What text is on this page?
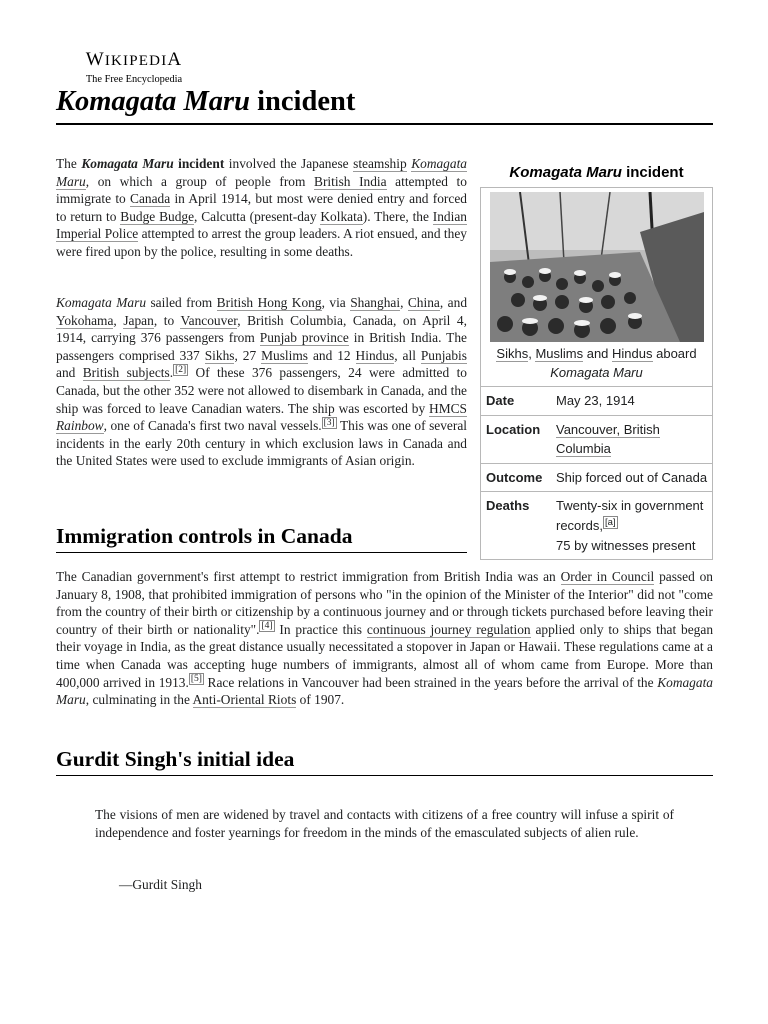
WIKIPEDIA
The Free Encyclopedia
Komagata Maru incident

The Komagata Maru incident involved the Japanese steamship Komagata Maru, on which a group of people from British India attempted to immigrate to Canada in April 1914, but most were denied entry and forced to return to Budge Budge, Calcutta (present-day Kolkata). There, the Indian Imperial Police attempted to arrest the group leaders. A riot ensued, and they were fired upon by the police, resulting in some deaths.

Komagata Maru sailed from British Hong Kong, via Shanghai, China, and Yokohama, Japan, to Vancouver, British Columbia, Canada, on April 4, 1914, carrying 376 passengers from Punjab province in British India. The passengers comprised 337 Sikhs, 27 Muslims and 12 Hindus, all Punjabis and British subjects. [2] Of these 376 passengers, 24 were admitted to Canada, but the other 352 were not allowed to disembark in Canada, and the ship was forced to leave Canadian waters. The ship was escorted by HMCS Rainbow, one of Canada's first two naval vessels. [3] This was one of several incidents in the early 20th century in which exclusion laws in Canada and the United States were used to exclude immigrants of Asian origin.

Komagata Maru incident
Sikhs, Muslims and Hindus aboard
Komagata Maru
Date	May 23, 1914
Location	Vancouver, British Columbia
Outcome	Ship forced out of Canada
Deaths	Twenty-six in government records, [a]
75 by witnesses present
Immigration controls in Canada

The Canadian government's first attempt to restrict immigration from British India was an Order in Council passed on January 8, 1908, that prohibited immigration of persons who "in the opinion of the Minister of the Interior" did not "come from the country of their birth or citizenship by a continuous journey and or through tickets purchased before leaving their country of their birth or nationality". [4] In practice this continuous journey regulation applied only to ships that began their voyage in India, as the great distance usually necessitated a stopover in Japan or Hawaii. These regulations came at a time when Canada was accepting huge numbers of immigrants, almost all of whom came from Europe. More than 400,000 arrived in 1913. [5] Race relations in Vancouver had been strained in the years before the arrival of the Komagata Maru, culminating in the Anti-Oriental Riots of 1907.

Gurdit Singh's initial idea

The visions of men are widened by travel and contacts with citizens of a free country will infuse a spirit of independence and foster yearnings for freedom in the minds of the emasculated subjects of alien rule.

—Gurdit Singh
